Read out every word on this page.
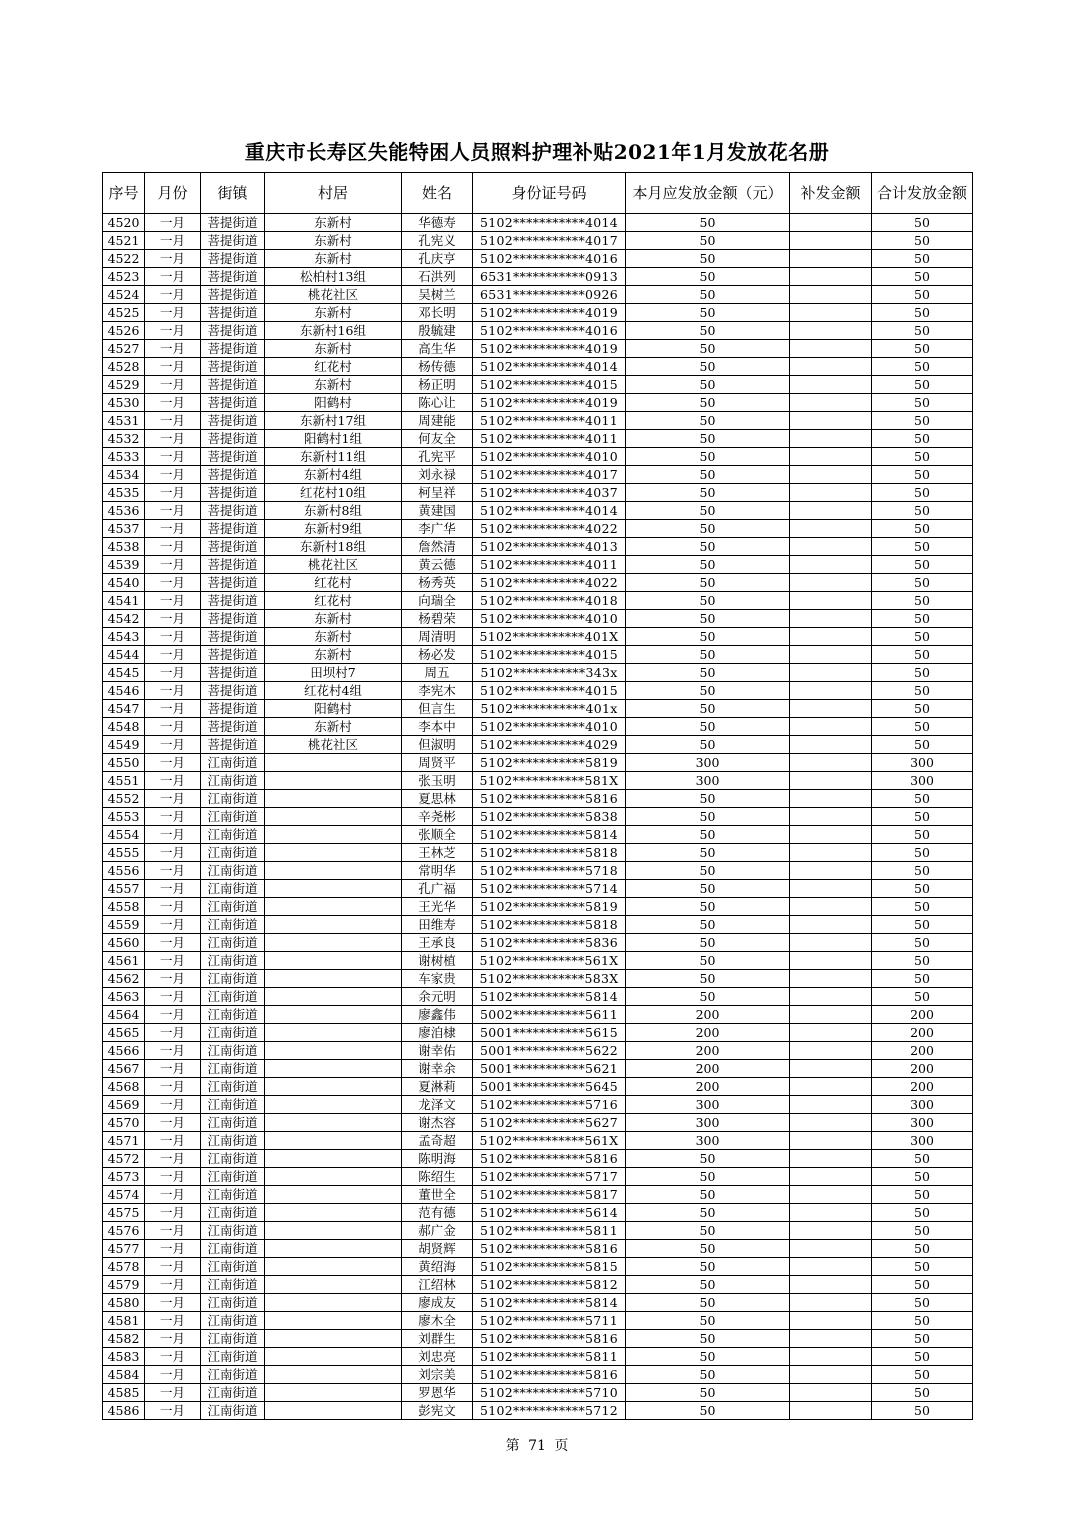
重庆市长寿区失能特困人员照料护理补贴2021年1月发放花名册
序号	月份	街镇	村居	姓名	身份证号码	本月应发放金额（元）	补发金额	合计发放金额
4520	一月	菩提街道	东新村	华德寿	5102***********4014	50		50
4521	一月	菩提街道	东新村	孔宪义	5102***********4017	50		50
4522	一月	菩提街道	东新村	孔庆亨	5102***********4016	50		50
4523	一月	菩提街道	松柏村13组	石洪列	6531***********0913	50		50
4524	一月	菩提街道	桃花社区	吴树兰	6531***********0926	50		50
4525	一月	菩提街道	东新村	邓长明	5102***********4019	50		50
4526	一月	菩提街道	东新村16组	殷毓建	5102***********4016	50		50
4527	一月	菩提街道	东新村	高生华	5102***********4019	50		50
4528	一月	菩提街道	红花村	杨传德	5102***********4014	50		50
4529	一月	菩提街道	东新村	杨正明	5102***********4015	50		50
4530	一月	菩提街道	阳鹤村	陈心让	5102***********4019	50		50
4531	一月	菩提街道	东新村17组	周建能	5102***********4011	50		50
4532	一月	菩提街道	阳鹤村1组	何友全	5102***********4011	50		50
4533	一月	菩提街道	东新村11组	孔宪平	5102***********4010	50		50
4534	一月	菩提街道	东新村4组	刘永禄	5102***********4017	50		50
4535	一月	菩提街道	红花村10组	柯呈祥	5102***********4037	50		50
4536	一月	菩提街道	东新村8组	黄建国	5102***********4014	50		50
4537	一月	菩提街道	东新村9组	李广华	5102***********4022	50		50
4538	一月	菩提街道	东新村18组	詹然清	5102***********4013	50		50
4539	一月	菩提街道	桃花社区	黄云德	5102***********4011	50		50
4540	一月	菩提街道	红花村	杨秀英	5102***********4022	50		50
4541	一月	菩提街道	红花村	向瑞全	5102***********4018	50		50
4542	一月	菩提街道	东新村	杨碧荣	5102***********4010	50		50
4543	一月	菩提街道	东新村	周清明	5102***********401X	50		50
4544	一月	菩提街道	东新村	杨必发	5102***********4015	50		50
4545	一月	菩提街道	田坝村7	周五	5102***********343x	50		50
4546	一月	菩提街道	红花村4组	李宪木	5102***********4015	50		50
4547	一月	菩提街道	阳鹤村	但言生	5102***********401x	50		50
4548	一月	菩提街道	东新村	李本中	5102***********4010	50		50
4549	一月	菩提街道	桃花社区	但淑明	5102***********4029	50		50
4550	一月	江南街道		周贤平	5102***********5819	300		300
4551	一月	江南街道		张玉明	5102***********581X	300		300
4552	一月	江南街道		夏思林	5102***********5816	50		50
4553	一月	江南街道		辛尧彬	5102***********5838	50		50
4554	一月	江南街道		张顺全	5102***********5814	50		50
4555	一月	江南街道		王林芝	5102***********5818	50		50
4556	一月	江南街道		常明华	5102***********5718	50		50
4557	一月	江南街道		孔广福	5102***********5714	50		50
4558	一月	江南街道		王光华	5102***********5819	50		50
4559	一月	江南街道		田维寿	5102***********5818	50		50
4560	一月	江南街道		王承良	5102***********5836	50		50
4561	一月	江南街道		谢树植	5102***********561X	50		50
4562	一月	江南街道		车家贵	5102***********583X	50		50
4563	一月	江南街道		余元明	5102***********5814	50		50
4564	一月	江南街道		廖鑫伟	5002***********5611	200		200
4565	一月	江南街道		廖洎棣	5001***********5615	200		200
4566	一月	江南街道		谢幸佑	5001***********5622	200		200
4567	一月	江南街道		谢幸余	5001***********5621	200		200
4568	一月	江南街道		夏淋莉	5001***********5645	200		200
4569	一月	江南街道		龙泽文	5102***********5716	300		300
4570	一月	江南街道		谢杰容	5102***********5627	300		300
4571	一月	江南街道		孟奇超	5102***********561X	300		300
4572	一月	江南街道		陈明海	5102***********5816	50		50
4573	一月	江南街道		陈绍生	5102***********5717	50		50
4574	一月	江南街道		董世全	5102***********5817	50		50
4575	一月	江南街道		范有德	5102***********5614	50		50
4576	一月	江南街道		郝广金	5102***********5811	50		50
4577	一月	江南街道		胡贤辉	5102***********5816	50		50
4578	一月	江南街道		黄绍海	5102***********5815	50		50
4579	一月	江南街道		江绍林	5102***********5812	50		50
4580	一月	江南街道		廖成友	5102***********5814	50		50
4581	一月	江南街道		廖木全	5102***********5711	50		50
4582	一月	江南街道		刘群生	5102***********5816	50		50
4583	一月	江南街道		刘忠亮	5102***********5811	50		50
4584	一月	江南街道		刘宗美	5102***********5816	50		50
4585	一月	江南街道		罗恩华	5102***********5710	50		50
4586	一月	江南街道		彭宪文	5102***********5712	50		50
第 71 页
